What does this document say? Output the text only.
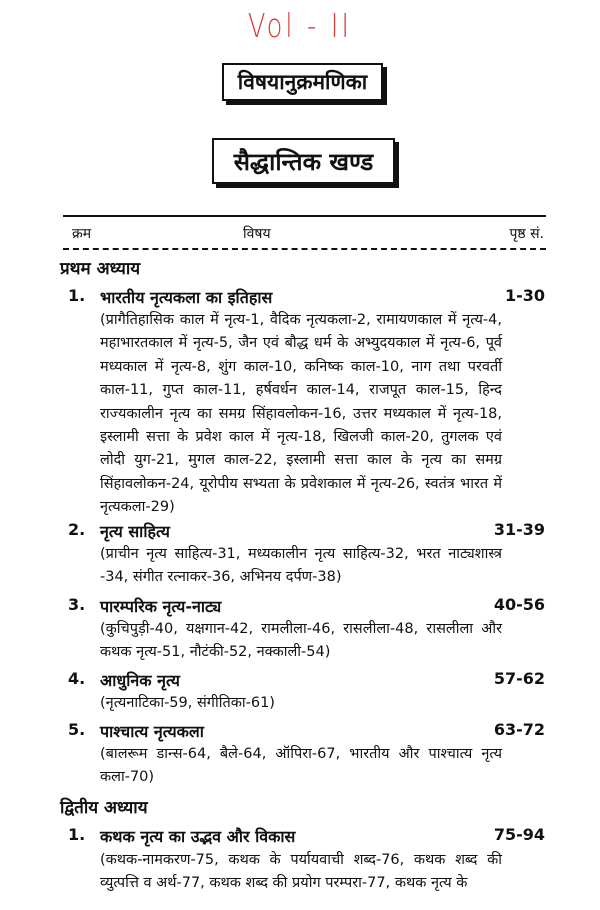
Vol - II
विषयानुक्रमणिका
सैद्धान्तिक खण्ड
क्रम	विषय	पृष्ठ सं.
प्रथम अध्याय
1. भारतीय नृत्यकला का इतिहास	1-30
(प्रागैतिहासिक काल में नृत्य-1, वैदिक नृत्यकला-2, रामायणकाल में नृत्य-4, महाभारतकाल में नृत्य-5, जैन एवं बौद्ध धर्म के अभ्युदयकाल में नृत्य-6, पूर्व मध्यकाल में नृत्य-8, शुंग काल-10, कनिष्क काल-10, नाग तथा परवर्ती काल-11, गुप्त काल-11, हर्षवर्धन काल-14, राजपूत काल-15, हिन्द राज्यकालीन नृत्य का समग्र सिंहावलोकन-16, उत्तर मध्यकाल में नृत्य-18, इस्लामी सत्ता के प्रवेश काल में नृत्य-18, खिलजी काल-20, तुगलक एवं लोदी युग-21, मुगल काल-22, इस्लामी सत्ता काल के नृत्य का समग्र सिंहावलोकन-24, यूरोपीय सभ्यता के प्रवेशकाल में नृत्य-26, स्वतंत्र भारत में नृत्यकला-29)
2. नृत्य साहित्य	31-39
(प्राचीन नृत्य साहित्य-31, मध्यकालीन नृत्य साहित्य-32, भरत नाट्यशास्त्र -34, संगीत रत्नाकर-36, अभिनय दर्पण-38)
3. पारम्परिक नृत्य-नाट्य	40-56
(कुचिपुड़ी-40, यक्षगान-42, रामलीला-46, रासलीला-48, रासलीला और कथक नृत्य-51, नौटंकी-52, नक्काली-54)
4. आधुनिक नृत्य	57-62
(नृत्यनाटिका-59, संगीतिका-61)
5. पाश्चात्य नृत्यकला	63-72
(बालरूम डान्स-64, बैले-64, ऑपिरा-67, भारतीय और पाश्चात्य नृत्य कला-70)
द्वितीय अध्याय
1. कथक नृत्य का उद्भव और विकास	75-94
(कथक-नामकरण-75, कथक के पर्यायवाची शब्द-76, कथक शब्द की व्युत्पत्ति व अर्थ-77, कथक शब्द की प्रयोग परम्परा-77, कथक नृत्य के
